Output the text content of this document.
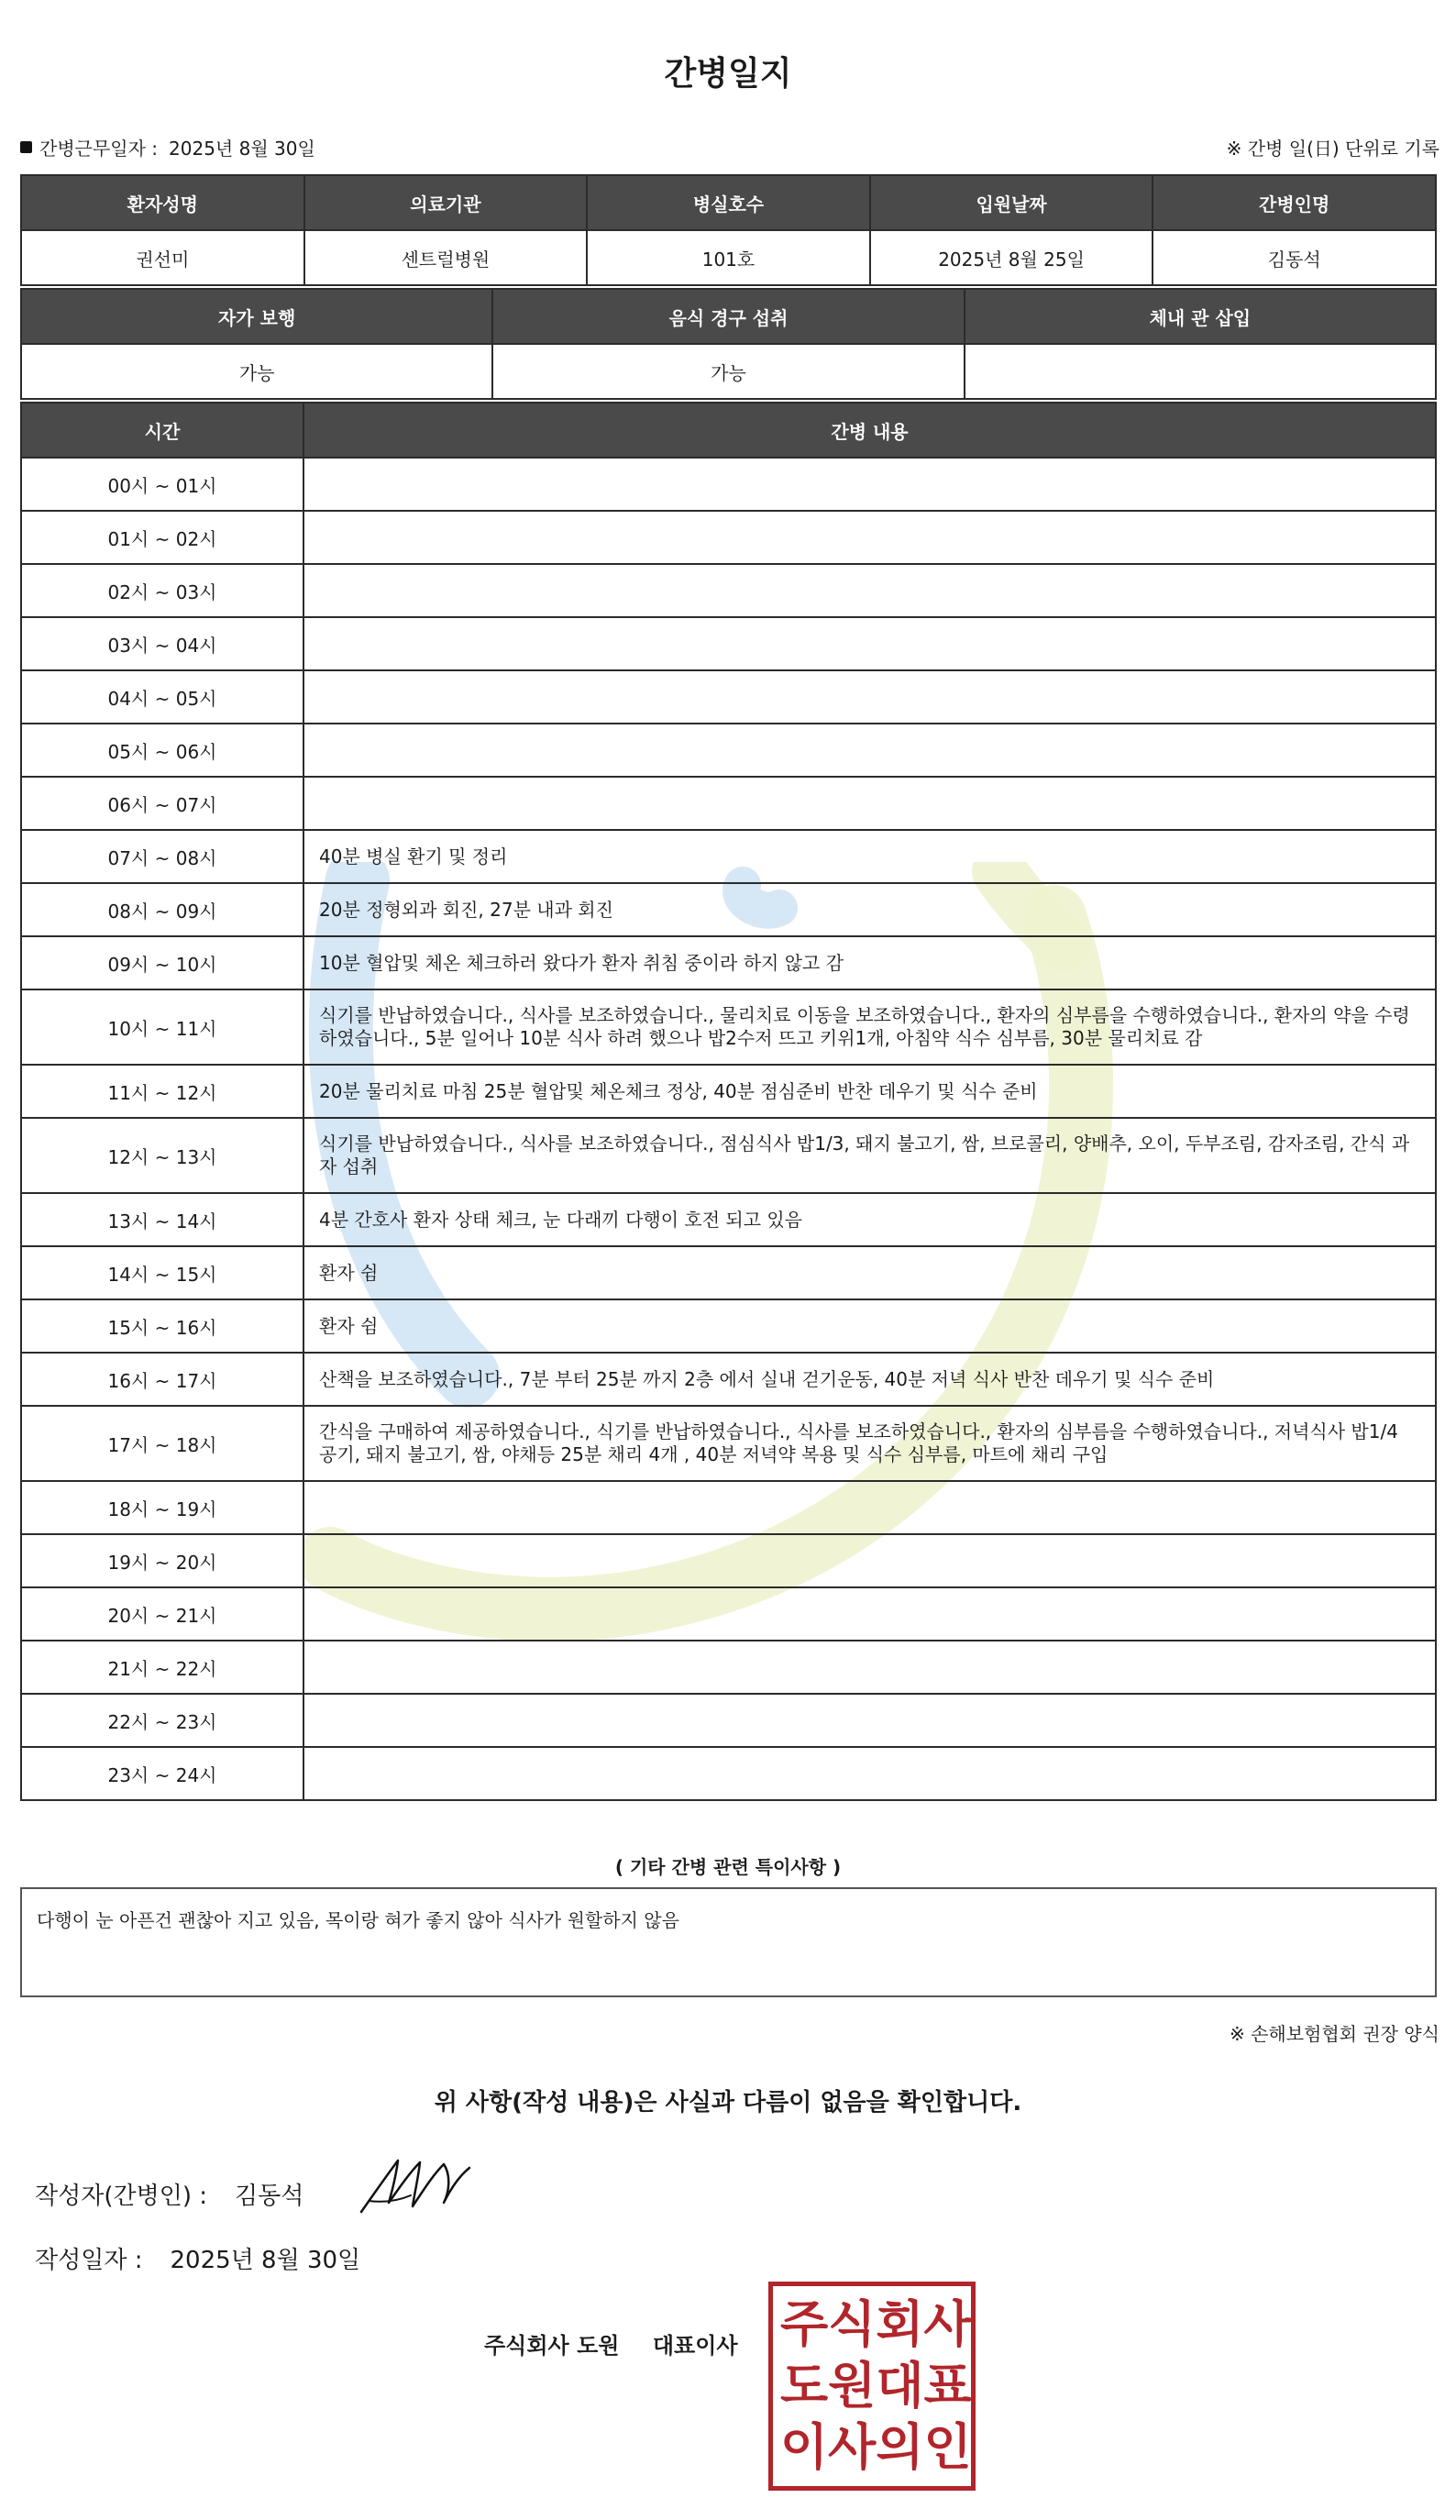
간병일지
간병근무일자 : 2025년 8월 30일	※ 간병 일(日) 단위로 기록
환자성명	의료기관	병실호수	입원날짜	간병인명
권선미	센트럴병원	101호	2025년 8월 25일	김동석
자가 보행	음식 경구 섭취	체내 관 삽입
가능	가능	
시간	간병 내용
00시 ~ 01시	
01시 ~ 02시	
02시 ~ 03시	
03시 ~ 04시	
04시 ~ 05시	
05시 ~ 06시	
06시 ~ 07시	
07시 ~ 08시	40분 병실 환기 및 정리
08시 ~ 09시	20분 정형외과 회진, 27분 내과 회진
09시 ~ 10시	10분 혈압및 체온 체크하러 왔다가 환자 취침 중이라 하지 않고 감
10시 ~ 11시	식기를 반납하였습니다., 식사를 보조하였습니다., 물리치료 이동을 보조하였습니다., 환자의 심부름을 수행하였습니다., 환자의 약을 수령하였습니다., 5분 일어나 10분 식사 하려 했으나 밥2수저 뜨고 키위1개, 아침약 식수 심부름, 30분 물리치료 감
11시 ~ 12시	20분 물리치료 마침 25분 혈압및 체온체크 정상, 40분 점심준비 반찬 데우기 및 식수 준비
12시 ~ 13시	식기를 반납하였습니다., 식사를 보조하였습니다., 점심식사 밥1/3, 돼지 불고기, 쌈, 브로콜리, 양배추, 오이, 두부조림, 감자조림, 간식 과자 섭취
13시 ~ 14시	4분 간호사 환자 상태 체크, 눈 다래끼 다행이 호전 되고 있음
14시 ~ 15시	환자 쉼
15시 ~ 16시	환자 쉼
16시 ~ 17시	산책을 보조하였습니다., 7분 부터 25분 까지 2층 에서 실내 걷기운동, 40분 저녁 식사 반찬 데우기 및 식수 준비
17시 ~ 18시	간식을 구매하여 제공하였습니다., 식기를 반납하였습니다., 식사를 보조하였습니다., 환자의 심부름을 수행하였습니다., 저녁식사 밥1/4 공기, 돼지 불고기, 쌈, 야채등 25분 채리 4개 , 40분 저녁약 복용 및 식수 심부름, 마트에 채리 구입
18시 ~ 19시	
19시 ~ 20시	
20시 ~ 21시	
21시 ~ 22시	
22시 ~ 23시	
23시 ~ 24시	
( 기타 간병 관련 특이사항 )
다행이 눈 아픈건 괜찮아 지고 있음, 목이랑 혀가 좋지 않아 식사가 원할하지 않음
※ 손해보험협회 권장 양식
위 사항(작성 내용)은 사실과 다름이 없음을 확인합니다.
작성자(간병인) : 김동석
작성일자 : 2025년 8월 30일
주식회사 도원 대표이사 주 식 회 사
도 원 대 표
이 사 의 인
